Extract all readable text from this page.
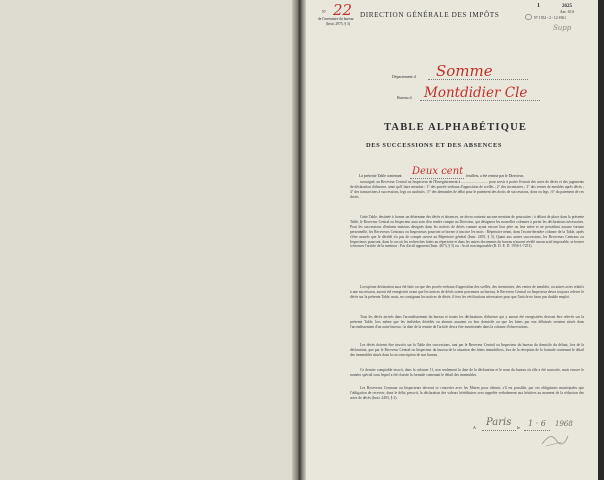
N° 22
de l'inventaire du bureau
(Instr. 2975, § 3)
DIRECTION GÉNÉRALE DES IMPÔTS
1	2625
Anc. 63 S
N° 1552 - 2 - 12-1961
Supp
Département d Somme
Bureau d Montdidier Cle
TABLE ALPHABÉTIQUE
DES SUCCESSIONS ET DES ABSENCES
La présente Table contenant Deux cent feuillets, a été remise par le Directeur,
soussigné, au Receveur Central ou Inspecteur de l'Enregistrement à ............................. pour servir à porter l'extrait des actes de décès et des jugements de déclaration d'absence, ainsi qu'il faire mention : 1° des procès-verbaux d'apposition de scellés ; 2° des inventaires ; 3° des ventes de meubles après décès ; 4° des transactions à successions, legs ou usufruits ; 5° des demandes de délai pour le paiement des droits de successions, dons ou legs ; 6° du paiement de ces droits.
Cette Table, destinée à former un détermine des décès et absences, ne devra contenir aucune mention de poursuites ; à défaut de place dans la présente Table, le Receveur Central ou Inspecteur aura soin d'en rendre compte au Directeur, qui désignera les nouvelles colonnes à porter les déclarations nécessaires. Pour les successions d'enfants mineurs désignés dans les notices de décès comme ayant encore leur père ou leur mère et ne possédant aucune fortune personnelle, les Receveurs Centraux ou Inspecteurs pourront se borner à inscrire les mots : Répertoire néant, dans l'avant-dernière colonne de la Table, après s'être assurés que le décédé n'a pas de compte ouvert au Répertoire général (Instr. 2493, § 3). Quant aux autres successions, les Receveurs Centraux ou Inspecteurs pourront, dans le cas où les recherches faites au répertoire et dans les autres documents du bureau n'auront révélé aucun actif imposable, se borner à énoncer l'article de la mention : Pas d'actif apparent (Instr. 4673, § 5) ou : Actif non imposable (R. D. E. D. 1956-1-7251).
Lorsqu'une déclaration aura été faite ou que des procès-verbaux d'apposition des scellés, des inventaires, des ventes de meubles, ou autres actes relatifs à une succession, auront été enregistrés avant que les notices de décès soient parvenues au bureau, le Receveur Central ou Inspecteur devra toujours relever le décès sur la présente Table, mais, en consignant les notices de décès, il fera les vérifications nécessaires pour que l'article ne fasse pas double emploi.
Tous les décès arrivés dans l'arrondissement du bureau et toutes les déclarations d'absence qui y auront été enregistrées devront être relevés sur la présente Table, lors même que les individus décédés ou absents auraient eu leur domicile ou que les biens par eux délaissés seraient situés dans l'arrondissement d'un autre bureau ; la date de la remise de l'article devra être mentionnée dans la colonne d'observations.
Les décès doivent être inscrits sur la Table des successions, tant par le Receveur Central ou Inspecteur du bureau du domicile du défunt, lors de la déclaration, que par le Receveur Central ou Inspecteur du bureau de la situation des biens immobiliers, lors de la réception de la formule contenant le détail des immeubles situés dans la circonscription de son bureau.
Ce dernier comptable inscrit, dans la colonne 11, non seulement la date de la déclaration et le nom du bureau où elle a été souscrite, mais encore le numéro spécial sous lequel a été classée la formule contenant le détail des immeubles.
Les Receveurs Centraux ou Inspecteurs devront se concerter avec les Maires pour obtenir, s'il est possible, par ces obligations municipales que l'obligation de recevoir, dans le délai prescrit, la déclaration des valeurs héréditaires sera rappelée verbalement aux héritiers au moment de la rédaction des actes de décès (Instr. 2493, § 2).
A Paris le 1 · 6 1968
